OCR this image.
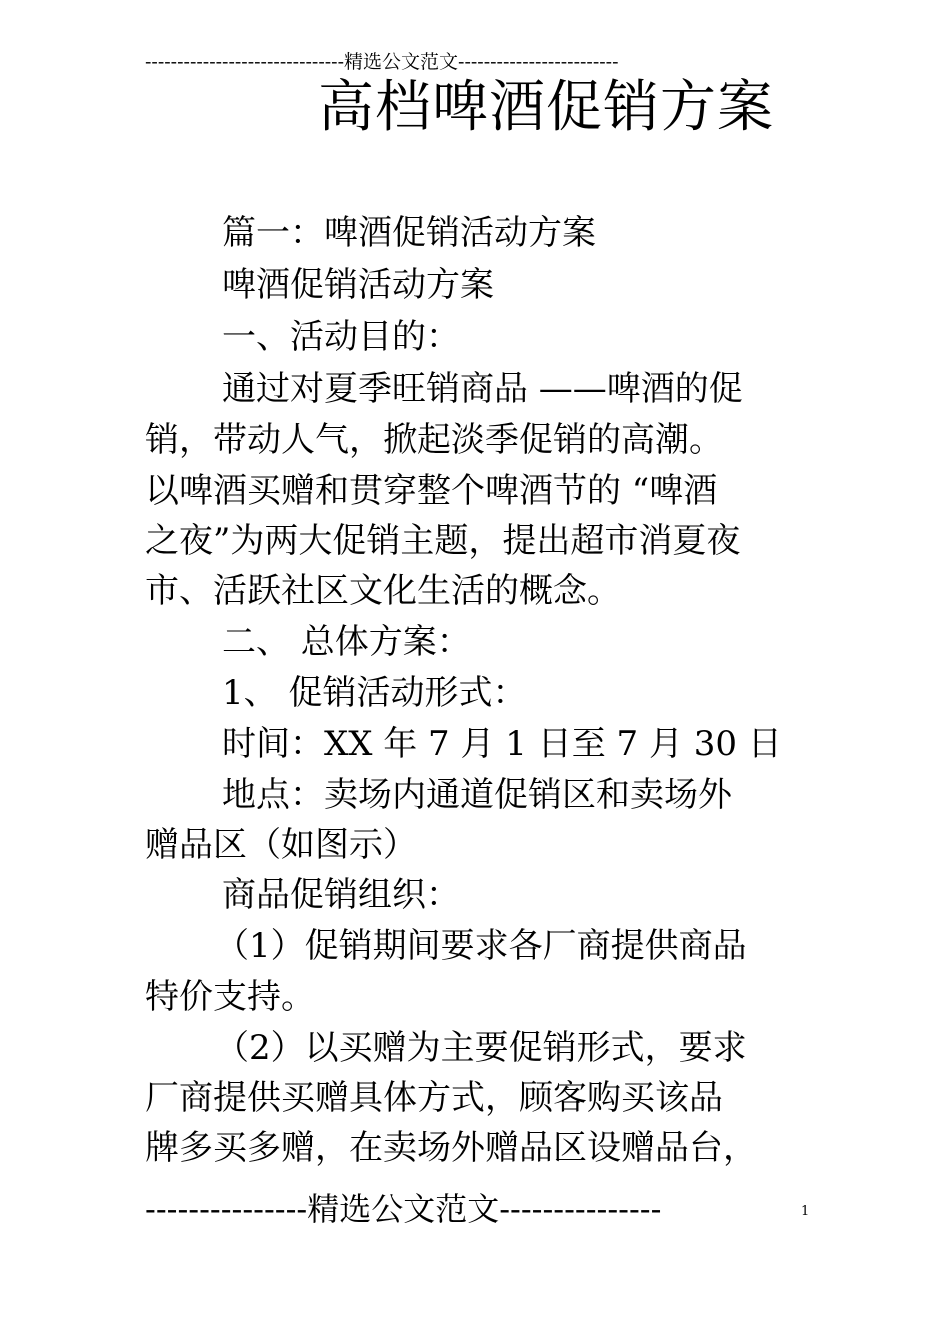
-------------------------------精选公文范文-------------------------
高档啤酒促销方案
篇一：啤酒促销活动方案
啤酒促销活动方案
一、活动目的：
通过对夏季旺销商品 ——啤酒的促
销，带动人气，掀起淡季促销的高潮。
以啤酒买赠和贯穿整个啤酒节的 “啤酒
之夜”为两大促销主题，提出超市消夏夜
市、活跃社区文化生活的概念。
二、 总体方案：
1、 促销活动形式：
时间：XX 年 7 月 1 日至 7 月 30 日
地点：卖场内通道促销区和卖场外
赠品区（如图示）
商品促销组织：
（1）促销期间要求各厂商提供商品
特价支持。
（2）以买赠为主要促销形式，要求
厂商提供买赠具体方式，顾客购买该品
牌多买多赠，在卖场外赠品区设赠品台，
---------------精选公文范文---------------	1
